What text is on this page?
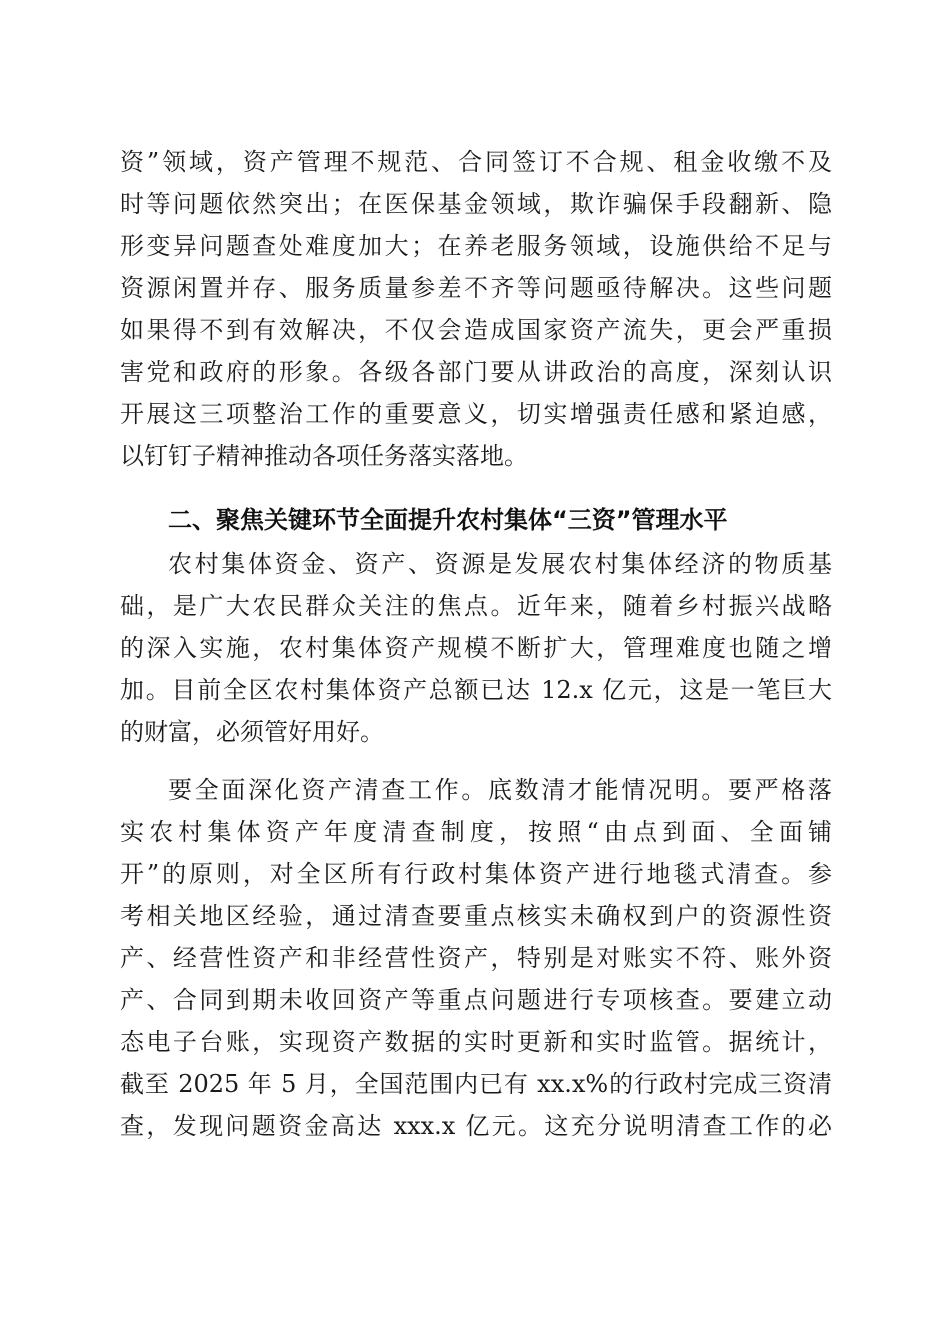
资”领域，资产管理不规范、合同签订不合规、租金收缴不及

时等问题依然突出；在医保基金领域，欺诈骗保手段翻新、隐

形变异问题查处难度加大；在养老服务领域，设施供给不足与

资源闲置并存、服务质量参差不齐等问题亟待解决。这些问题

如果得不到有效解决，不仅会造成国家资产流失，更会严重损

害党和政府的形象。各级各部门要从讲政治的高度，深刻认识

开展这三项整治工作的重要意义，切实增强责任感和紧迫感，

以钉钉子精神推动各项任务落实落地。

二、聚焦关键环节全面提升农村集体“三资”管理水平

农村集体资金、资产、资源是发展农村集体经济的物质基

础，是广大农民群众关注的焦点。近年来，随着乡村振兴战略

的深入实施，农村集体资产规模不断扩大，管理难度也随之增

加。目前全区农村集体资产总额已达 12.x 亿元，这是一笔巨大

的财富，必须管好用好。

要全面深化资产清查工作。底数清才能情况明。要严格落

实农村集体资产年度清查制度，按照“由点到面、全面铺

开”的原则，对全区所有行政村集体资产进行地毯式清查。参

考相关地区经验，通过清查要重点核实未确权到户的资源性资

产、经营性资产和非经营性资产，特别是对账实不符、账外资

产、合同到期未收回资产等重点问题进行专项核查。要建立动

态电子台账，实现资产数据的实时更新和实时监管。据统计，

截至 2025 年 5 月，全国范围内已有 xx.x%的行政村完成三资清

查，发现问题资金高达 xxx.x 亿元。这充分说明清查工作的必
